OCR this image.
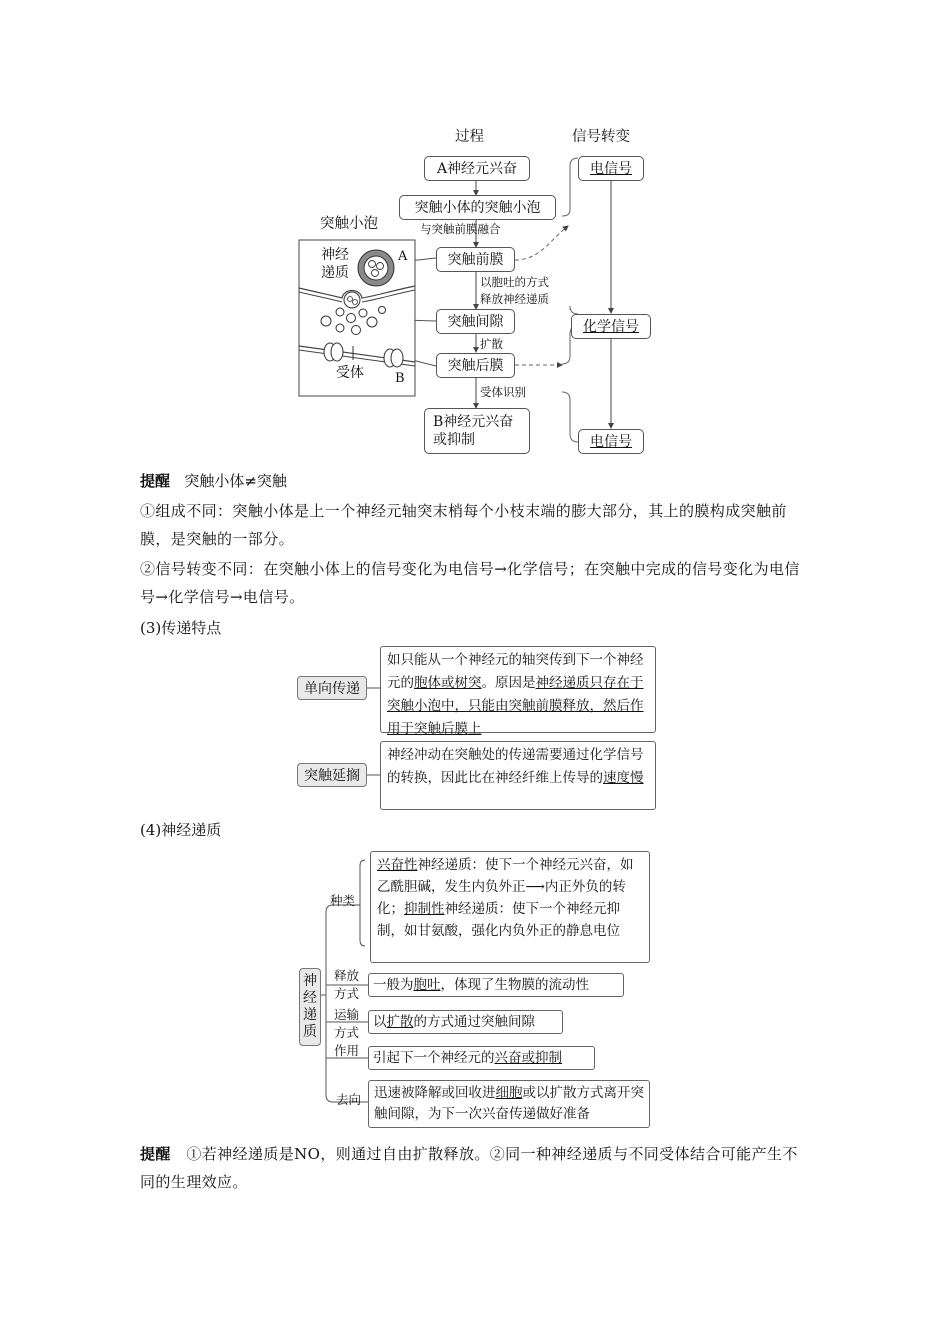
过程	信号转变
A神经元兴奋
突触小体的突触小泡
与突触前膜融合
突触前膜
以胞吐的方式
释放神经递质
突触间隙
扩散
突触后膜
受体识别
B神经元兴奋
或抑制
电信号
化学信号
电信号
突触小泡
神经
递质
A
受体 B
提醒 突触小体≠突触
①组成不同：突触小体是上一个神经元轴突末梢每个小枝末端的膨大部分，其上的膜构成突触前膜，是突触的一部分。
②信号转变不同：在突触小体上的信号变化为电信号→化学信号；在突触中完成的信号变化为电信号→化学信号→电信号。
(3)传递特点
单向传递
如只能从一个神经元的轴突传到下一个神经元的胞体或树突。原因是神经递质只存在于突触小泡中，只能由突触前膜释放，然后作用于突触后膜上
突触延搁
神经冲动在突触处的传递需要通过化学信号的转换，因此比在神经纤维上传导的速度慢
(4)神经递质
神经递质
种类
兴奋性神经递质：使下一个神经元兴奋，如乙酰胆碱，发生内负外正⟶内正外负的转化；抑制性神经递质：使下一个神经元抑制，如甘氨酸，强化内负外正的静息电位
释放
方式
一般为胞吐，体现了生物膜的流动性
运输	以扩散的方式通过突触间隙
方式
作用	引起下一个神经元的兴奋或抑制
去向 迅速被降解或回收进细胞或以扩散方式离开突触间隙，为下一次兴奋传递做好准备
提醒 ①若神经递质是NO，则通过自由扩散释放。②同一种神经递质与不同受体结合可能产生不同的生理效应。
